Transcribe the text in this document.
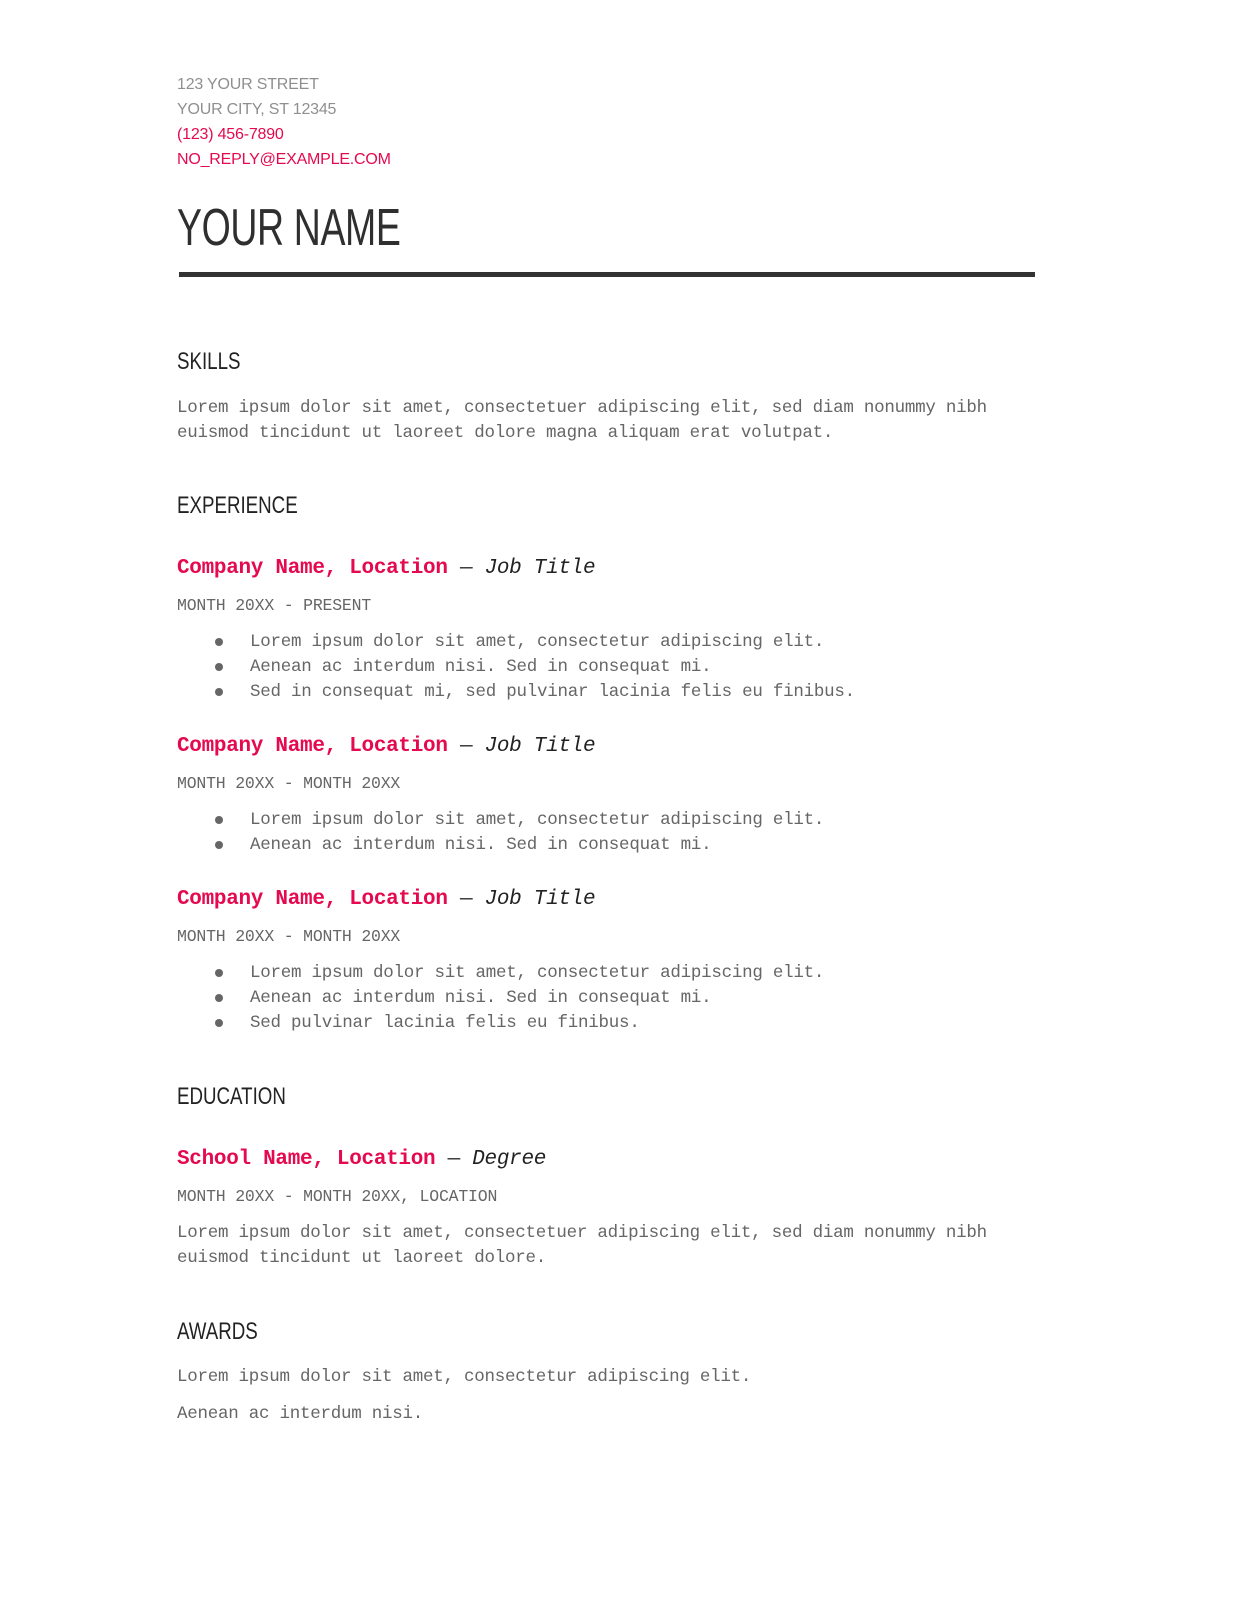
123 YOUR STREET
YOUR CITY, ST 12345
(123) 456-7890
NO_REPLY@EXAMPLE.COM
YOUR NAME
SKILLS
Lorem ipsum dolor sit amet, consectetuer adipiscing elit, sed diam nonummy nibh
euismod tincidunt ut laoreet dolore magna aliquam erat volutpat.
EXPERIENCE
Company Name, Location — Job Title
MONTH 20XX - PRESENT
Lorem ipsum dolor sit amet, consectetur adipiscing elit.
Aenean ac interdum nisi. Sed in consequat mi.
Sed in consequat mi, sed pulvinar lacinia felis eu finibus.
Company Name, Location — Job Title
MONTH 20XX - MONTH 20XX
Lorem ipsum dolor sit amet, consectetur adipiscing elit.
Aenean ac interdum nisi. Sed in consequat mi.
Company Name, Location — Job Title
MONTH 20XX - MONTH 20XX
Lorem ipsum dolor sit amet, consectetur adipiscing elit.
Aenean ac interdum nisi. Sed in consequat mi.
Sed pulvinar lacinia felis eu finibus.
EDUCATION
School Name, Location — Degree
MONTH 20XX - MONTH 20XX, LOCATION
Lorem ipsum dolor sit amet, consectetuer adipiscing elit, sed diam nonummy nibh
euismod tincidunt ut laoreet dolore.
AWARDS
Lorem ipsum dolor sit amet, consectetur adipiscing elit.
Aenean ac interdum nisi.
